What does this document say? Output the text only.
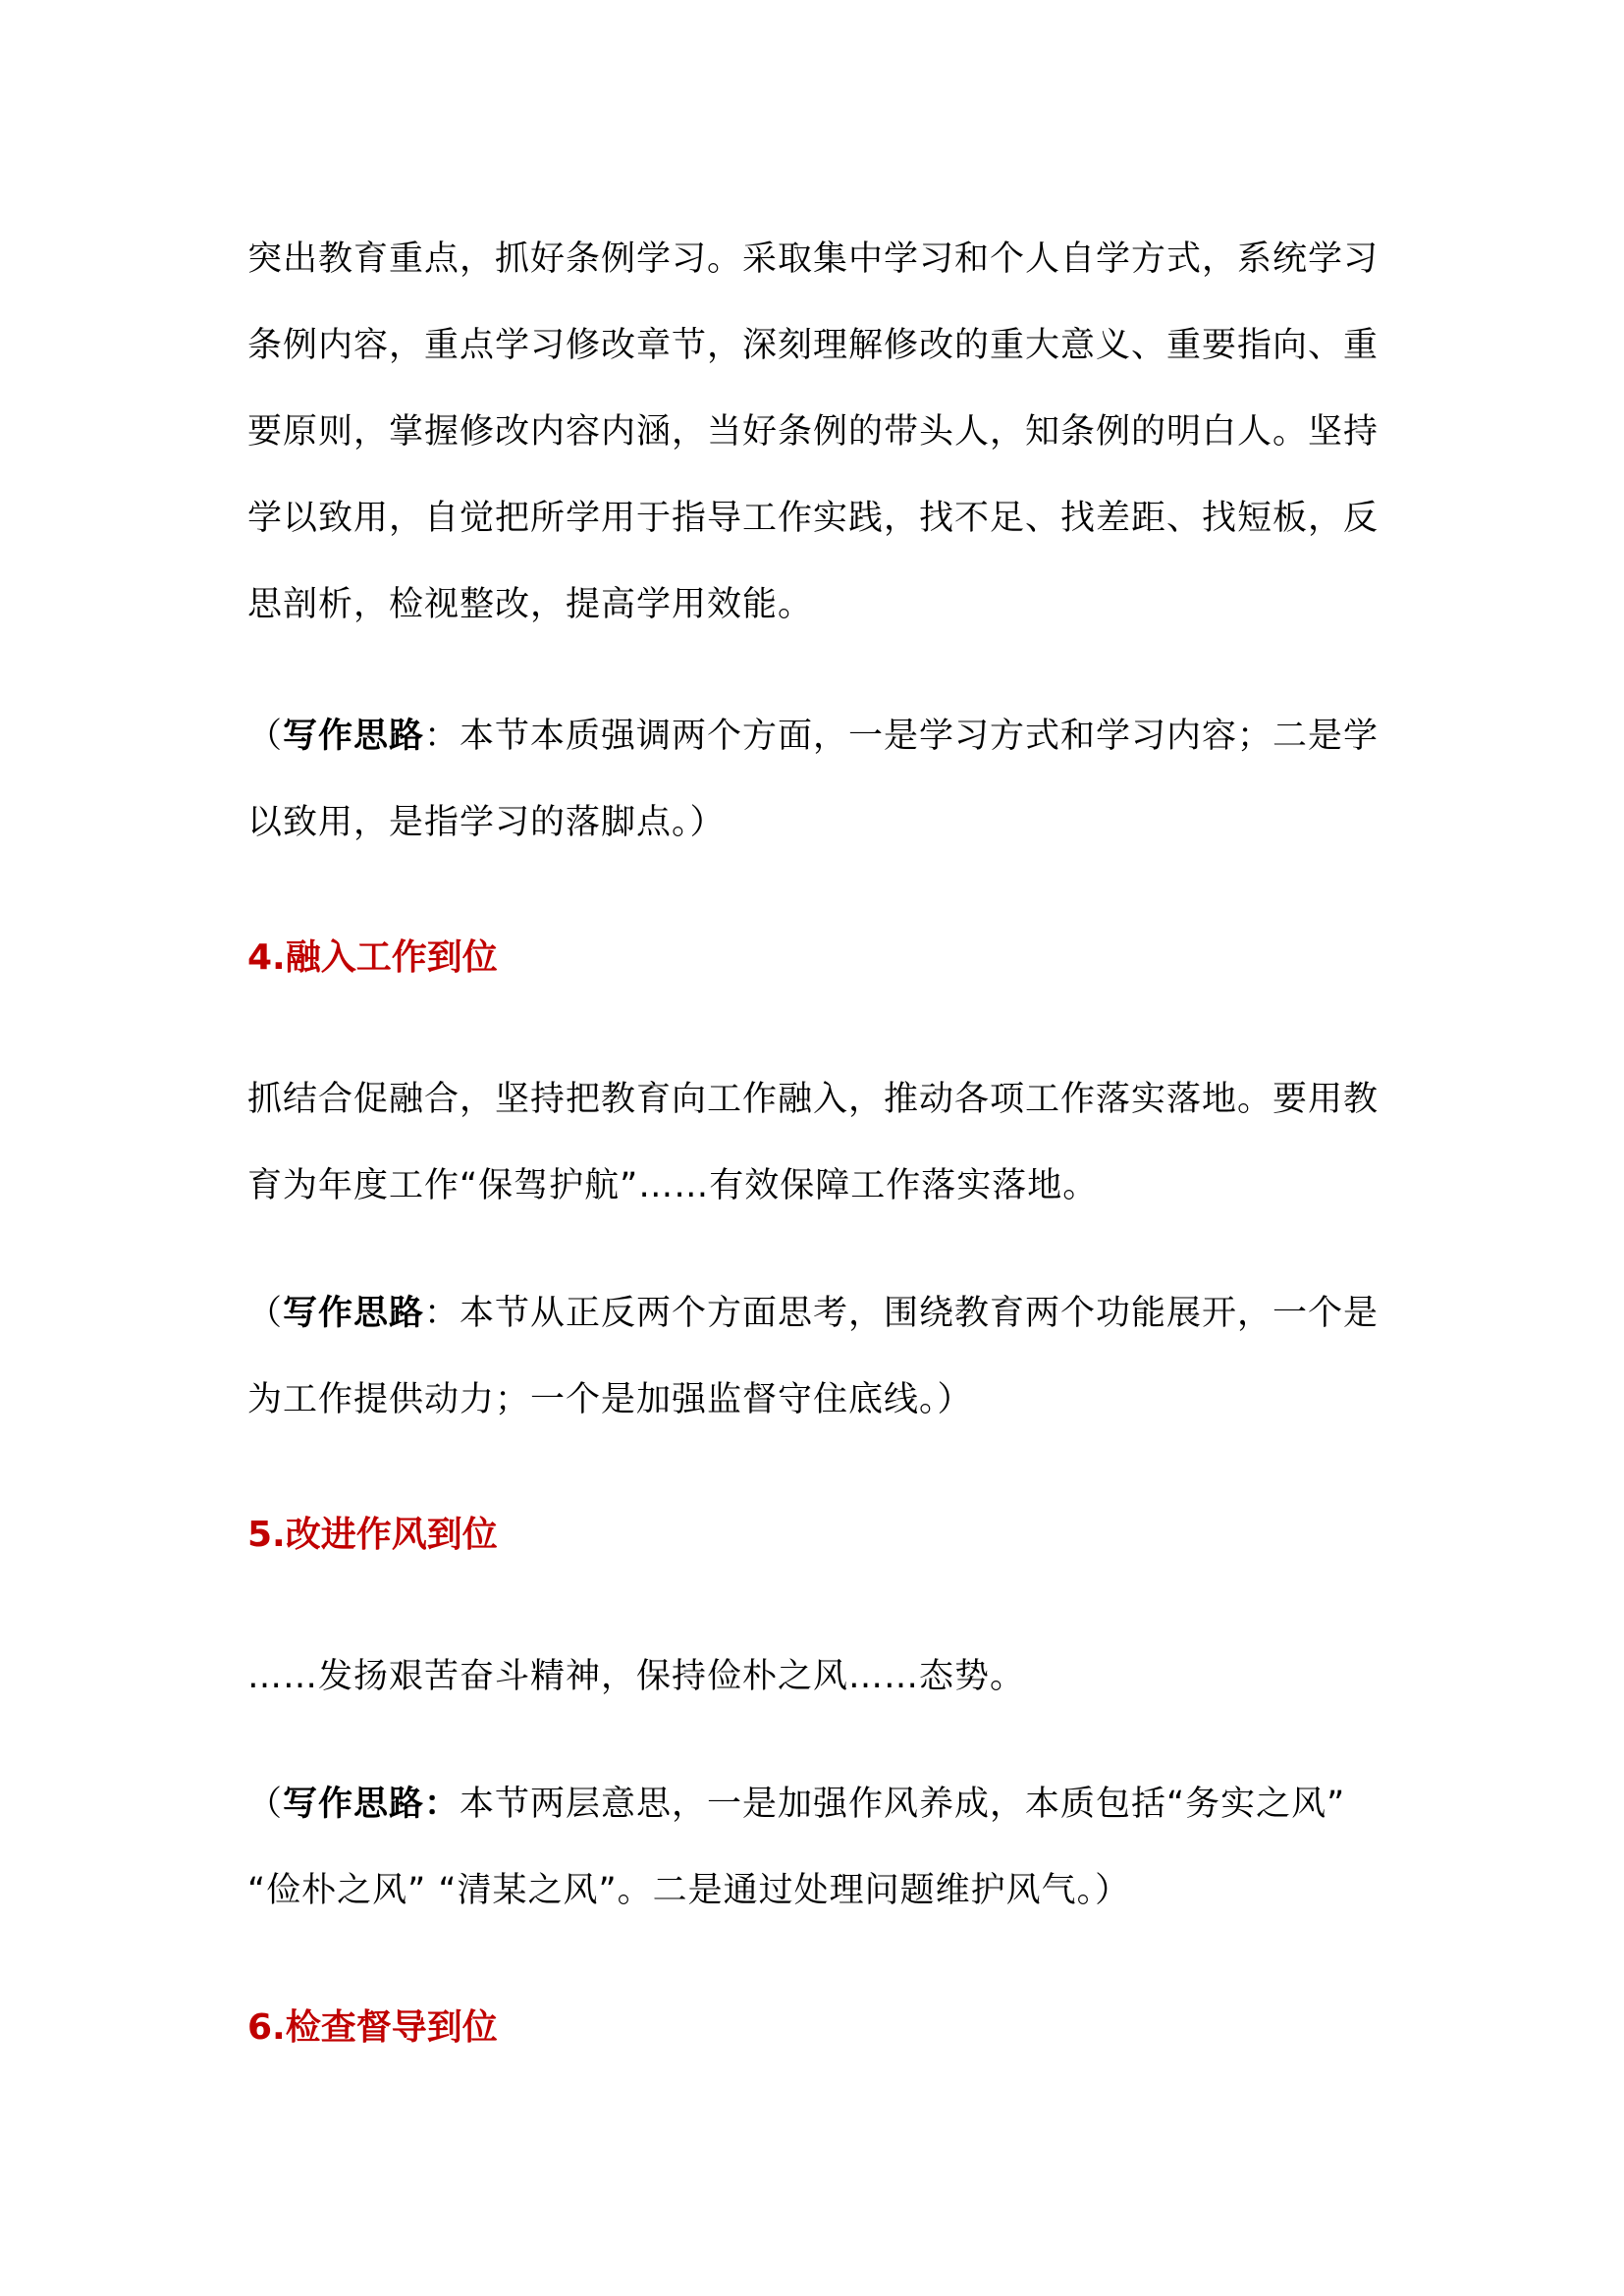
突出教育重点，抓好条例学习。采取集中学习和个人自学方式，系统学习
条例内容，重点学习修改章节，深刻理解修改的重大意义、重要指向、重
要原则，掌握修改内容内涵，当好条例的带头人，知条例的明白人。坚持
学以致用，自觉把所学用于指导工作实践，找不足、找差距、找短板，反
思剖析，检视整改，提高学用效能。
（写作思路：本节本质强调两个方面，一是学习方式和学习内容；二是学
以致用，是指学习的落脚点。）
4.融入工作到位
抓结合促融合，坚持把教育向工作融入，推动各项工作落实落地。要用教
育为年度工作“保驾护航”……有效保障工作落实落地。
（写作思路：本节从正反两个方面思考，围绕教育两个功能展开，一个是
为工作提供动力；一个是加强监督守住底线。）
5.改进作风到位
……发扬艰苦奋斗精神，保持俭朴之风……态势。
（写作思路：本节两层意思，一是加强作风养成，本质包括“务实之风”
“俭朴之风” “清某之风”。二是通过处理问题维护风气。）
6.检查督导到位
